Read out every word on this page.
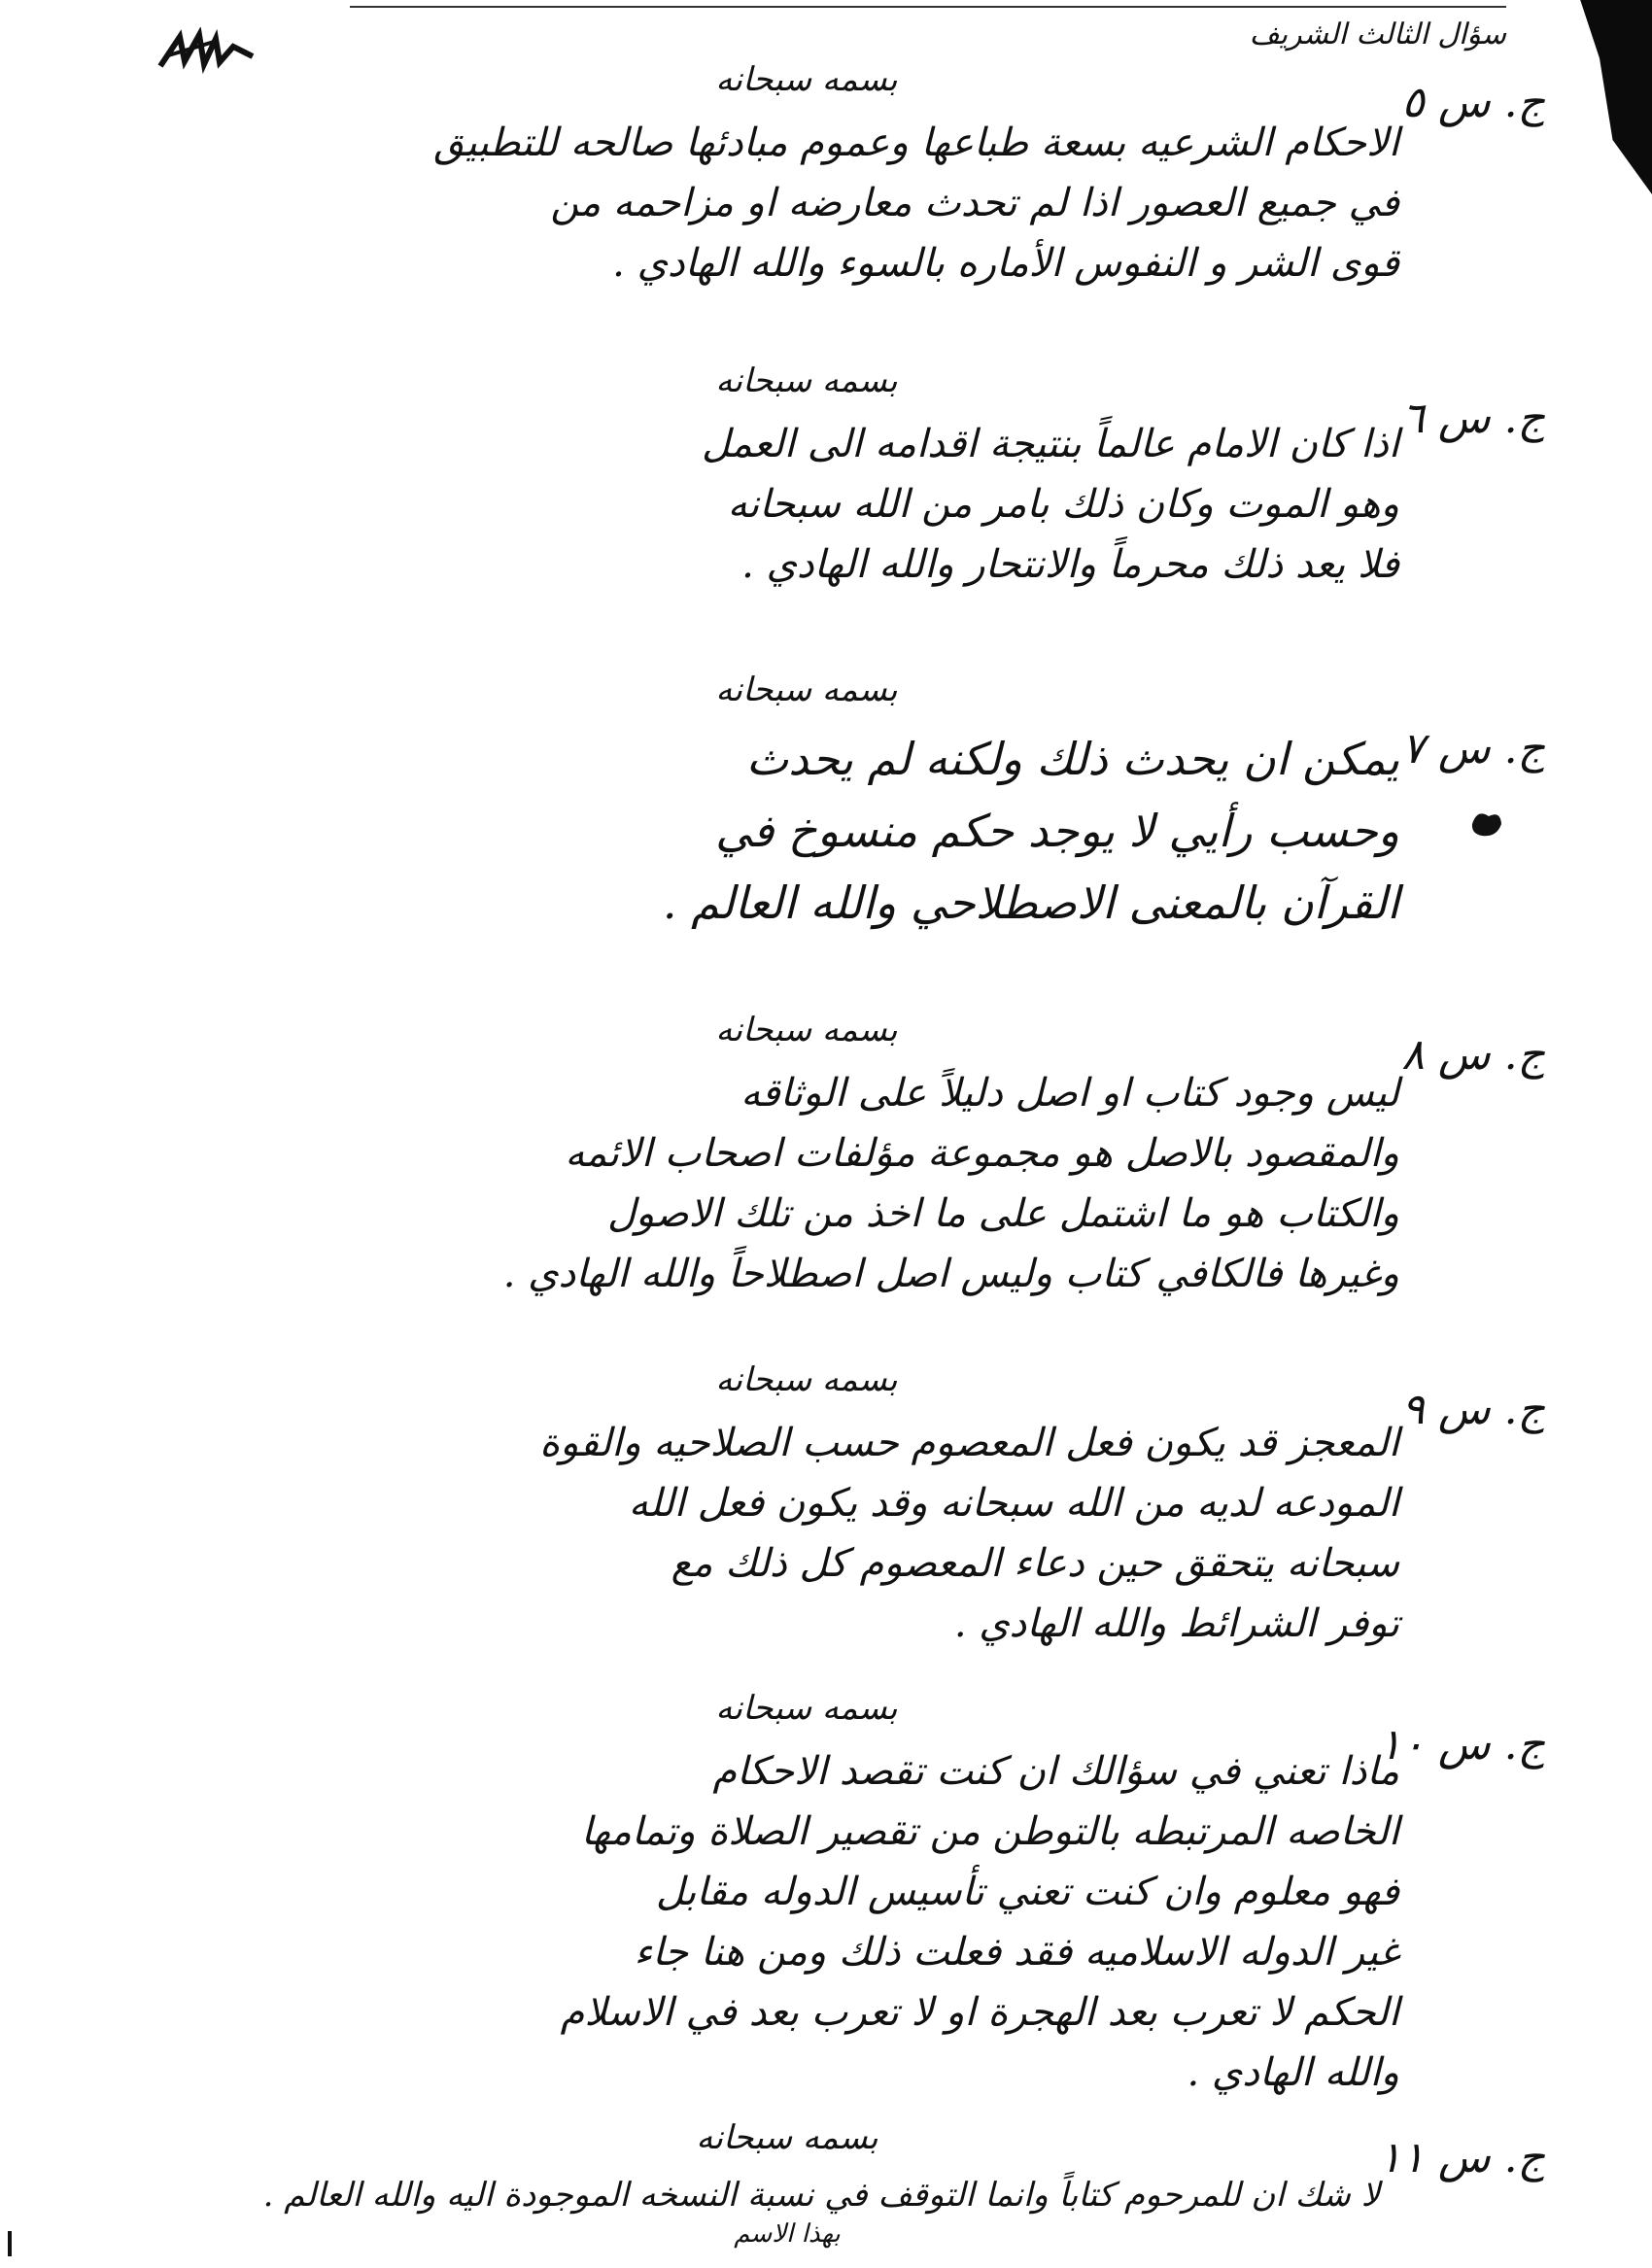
سؤال الثالث الشريف
بسمه سبحانه
الاحكام الشرعيه بسعة طباعها وعموم مبادئها صالحه للتطبيق
في جميع العصور اذا لم تحدث معارضه او مزاحمه من
قوى الشر و النفوس الأماره بالسوء والله الهادي .
ج. س ٥
بسمه سبحانه
اذا كان الامام عالماً بنتيجة اقدامه الى العمل
وهو الموت وكان ذلك بامر من الله سبحانه
فلا يعد ذلك محرماً والانتحار والله الهادي .
ج. س ٦
بسمه سبحانه
يمكن ان يحدث ذلك ولكنه لم يحدث
وحسب رأيي لا يوجد حكم منسوخ في
القرآن بالمعنى الاصطلاحي والله العالم .
ج. س ٧
بسمه سبحانه
ليس وجود كتاب او اصل دليلاً على الوثاقه
والمقصود بالاصل هو مجموعة مؤلفات اصحاب الائمه
والكتاب هو ما اشتمل على ما اخذ من تلك الاصول
وغيرها فالكافي كتاب وليس اصل اصطلاحاً والله الهادي .
ج. س ٨
بسمه سبحانه
المعجز قد يكون فعل المعصوم حسب الصلاحيه والقوة
المودعه لديه من الله سبحانه وقد يكون فعل الله
سبحانه يتحقق حين دعاء المعصوم كل ذلك مع
توفر الشرائط والله الهادي .
ج. س ٩
بسمه سبحانه
ماذا تعني في سؤالك ان كنت تقصد الاحكام
الخاصه المرتبطه بالتوطن من تقصير الصلاة وتمامها
فهو معلوم وان كنت تعني تأسيس الدوله مقابل
غير الدوله الاسلاميه فقد فعلت ذلك ومن هنا جاء
الحكم لا تعرب بعد الهجرة او لا تعرب بعد في الاسلام
والله الهادي .
ج. س ١٠
بسمه سبحانه
لا شك ان للمرحوم كتاباً وانما التوقف في نسبة النسخه الموجودة اليه والله العالم .
بهذا الاسم
ج. س ١١
